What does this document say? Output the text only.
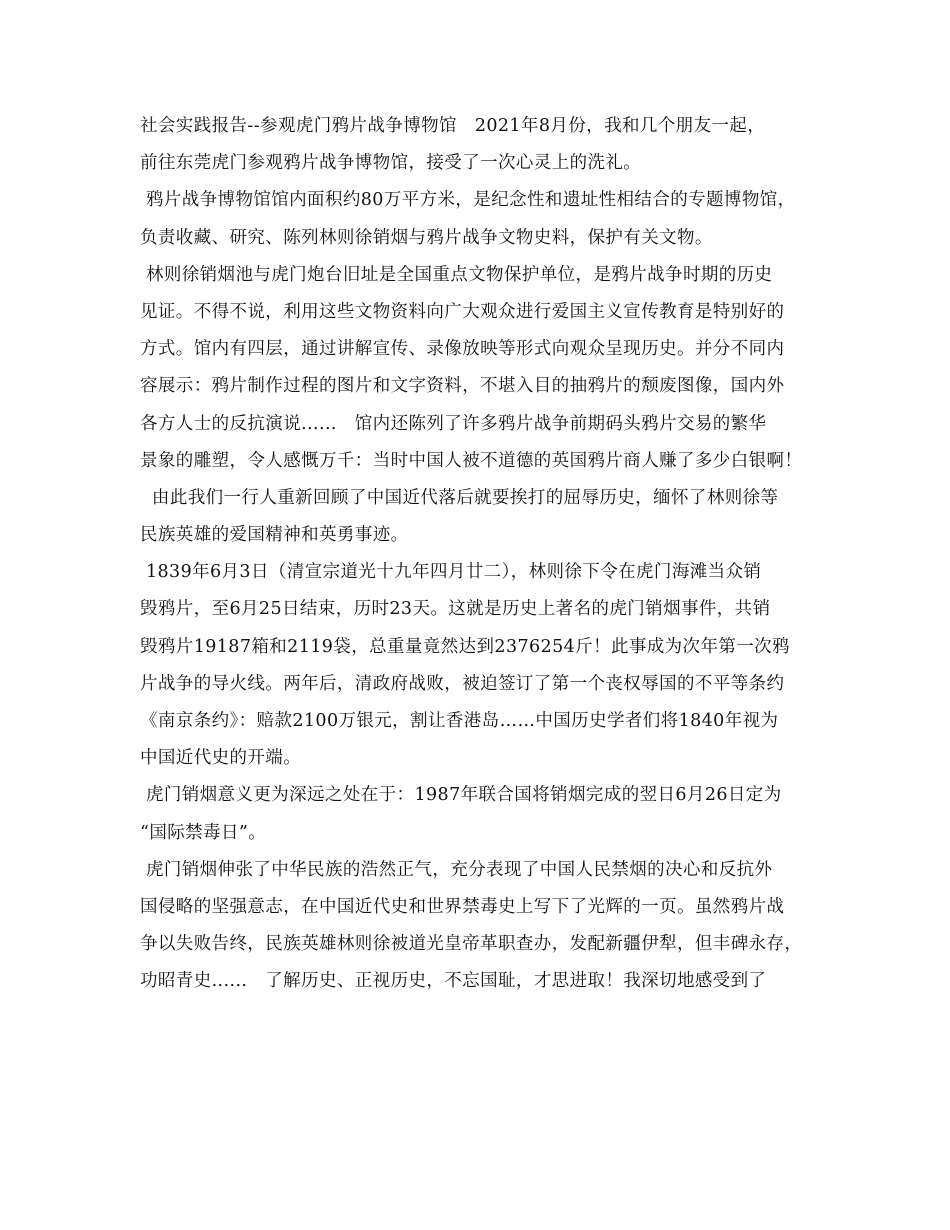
社会实践报告--参观虎门鸦片战争博物馆   2021年8月份，我和几个朋友一起，
前往东莞虎门参观鸦片战争博物馆，接受了一次心灵上的洗礼。
鸦片战争博物馆馆内面积约80万平方米，是纪念性和遗址性相结合的专题博物馆，
负责收藏、研究、陈列林则徐销烟与鸦片战争文物史料，保护有关文物。
林则徐销烟池与虎门炮台旧址是全国重点文物保护单位，是鸦片战争时期的历史
见证。不得不说，利用这些文物资料向广大观众进行爱国主义宣传教育是特别好的
方式。馆内有四层，通过讲解宣传、录像放映等形式向观众呈现历史。并分不同内
容展示：鸦片制作过程的图片和文字资料，不堪入目的抽鸦片的颓废图像，国内外
各方人士的反抗演说......   馆内还陈列了许多鸦片战争前期码头鸦片交易的繁华
景象的雕塑，令人感慨万千：当时中国人被不道德的英国鸦片商人赚了多少白银啊！
由此我们一行人重新回顾了中国近代落后就要挨打的屈辱历史，缅怀了林则徐等
民族英雄的爱国精神和英勇事迹。
1839年6月3日（清宣宗道光十九年四月廿二），林则徐下令在虎门海滩当众销
毁鸦片，至6月25日结束，历时23天。这就是历史上著名的虎门销烟事件，共销
毁鸦片19187箱和2119袋，总重量竟然达到2376254斤！此事成为次年第一次鸦
片战争的导火线。两年后，清政府战败，被迫签订了第一个丧权辱国的不平等条约
《南京条约》：赔款2100万银元，割让香港岛……中国历史学者们将1840年视为
中国近代史的开端。
虎门销烟意义更为深远之处在于：1987年联合国将销烟完成的翌日6月26日定为
“国际禁毒日”。
虎门销烟伸张了中华民族的浩然正气，充分表现了中国人民禁烟的决心和反抗外
国侵略的坚强意志，在中国近代史和世界禁毒史上写下了光辉的一页。虽然鸦片战
争以失败告终，民族英雄林则徐被道光皇帝革职查办，发配新疆伊犁，但丰碑永存，
功昭青史......   了解历史、正视历史，不忘国耻，才思进取！我深切地感受到了
